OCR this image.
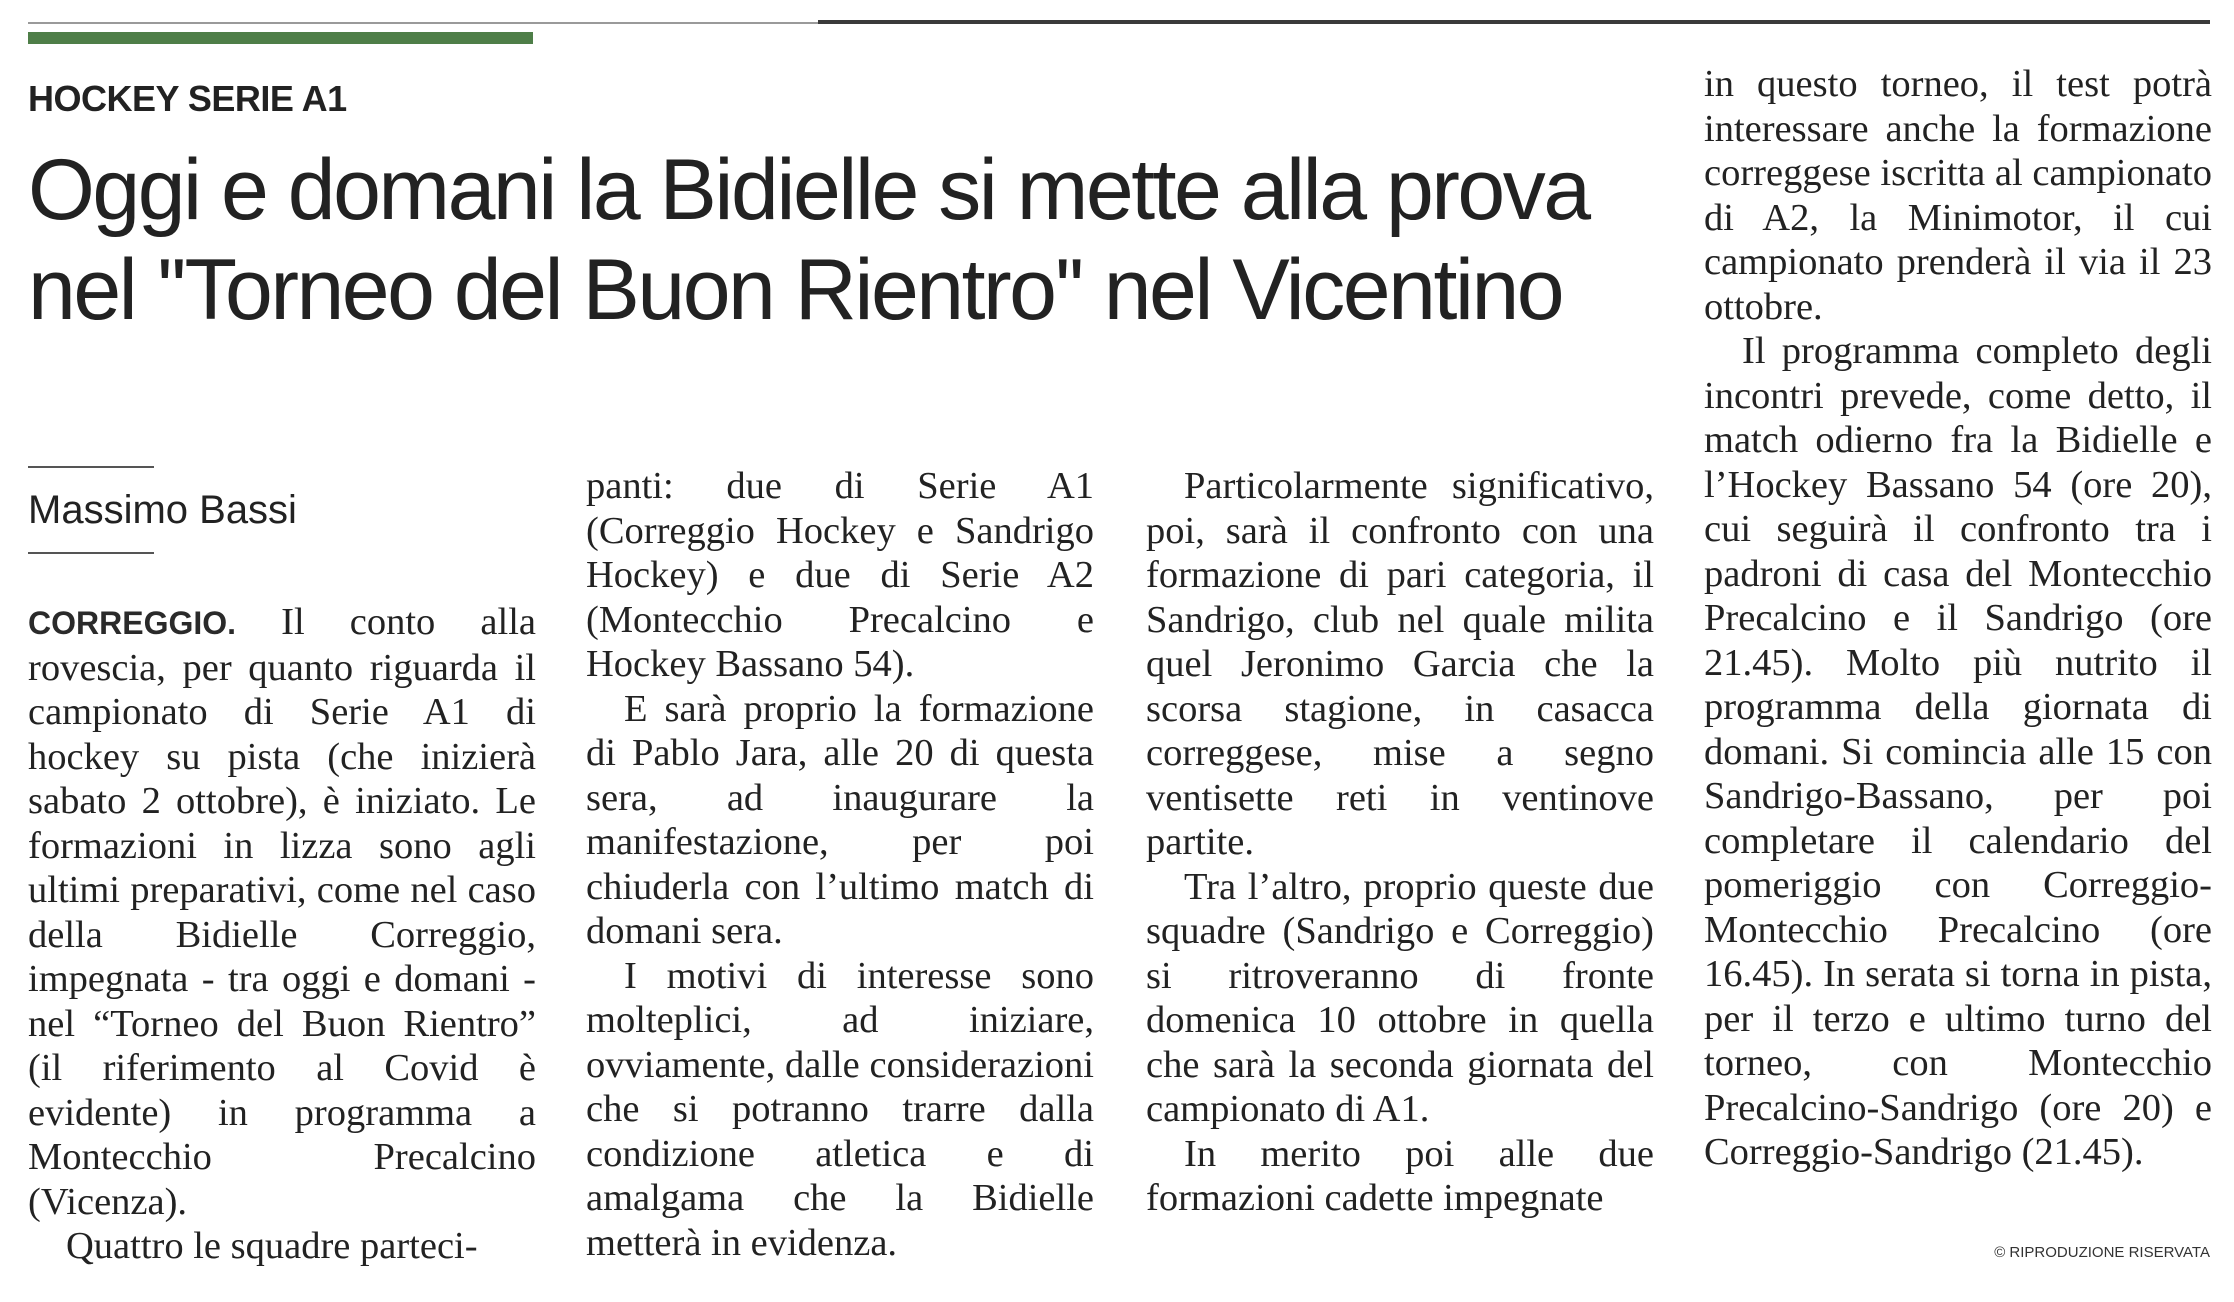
HOCKEY SERIE A1
Oggi e domani la Bidielle si mette alla prova
nel ''Torneo del Buon Rientro'' nel Vicentino
Massimo Bassi

CORREGGIO. Il conto alla rovescia, per quanto riguarda il campionato di Serie A1 di hockey su pista (che inizierà sabato 2 ottobre), è iniziato. Le formazioni in lizza sono agli ultimi preparativi, come nel caso della Bidielle Correggio, impegnata - tra oggi e domani - nel “Torneo del Buon Rientro” (il riferimento al Covid è evidente) in programma a Montecchio Precalcino (Vicenza).

Quattro le squadre parteci-

panti: due di Serie A1 (Correggio Hockey e Sandrigo Hockey) e due di Serie A2 (Montecchio Precalcino e Hockey Bassano 54).

E sarà proprio la formazione di Pablo Jara, alle 20 di questa sera, ad inaugurare la manifestazione, per poi chiuderla con l’ultimo match di domani sera.

I motivi di interesse sono molteplici, ad iniziare, ovviamente, dalle considerazioni che si potranno trarre dalla condizione atletica e di amalgama che la Bidielle metterà in evidenza.

Particolarmente significativo, poi, sarà il confronto con una formazione di pari categoria, il Sandrigo, club nel quale milita quel Jeronimo Garcia che la scorsa stagione, in casacca correggese, mise a segno ventisette reti in ventinove partite.

Tra l’altro, proprio queste due squadre (Sandrigo e Correggio) si ritroveranno di fronte domenica 10 ottobre in quella che sarà la seconda giornata del campionato di A1.

In merito poi alle due formazioni cadette impegnate

in questo torneo, il test potrà interessare anche la formazione correggese iscritta al campionato di A2, la Minimotor, il cui campionato prenderà il via il 23 ottobre.

Il programma completo degli incontri prevede, come detto, il match odierno fra la Bidielle e l’Hockey Bassano 54 (ore 20), cui seguirà il confronto tra i padroni di casa del Montecchio Precalcino e il Sandrigo (ore 21.45). Molto più nutrito il programma della giornata di domani. Si comincia alle 15 con Sandrigo-Bassano, per poi completare il calendario del pomeriggio con Correggio-Montecchio Precalcino (ore 16.45). In serata si torna in pista, per il terzo e ultimo turno del torneo, con Montecchio Precalcino-Sandrigo (ore 20) e Correggio-Sandrigo (21.45).

© RIPRODUZIONE RISERVATA
